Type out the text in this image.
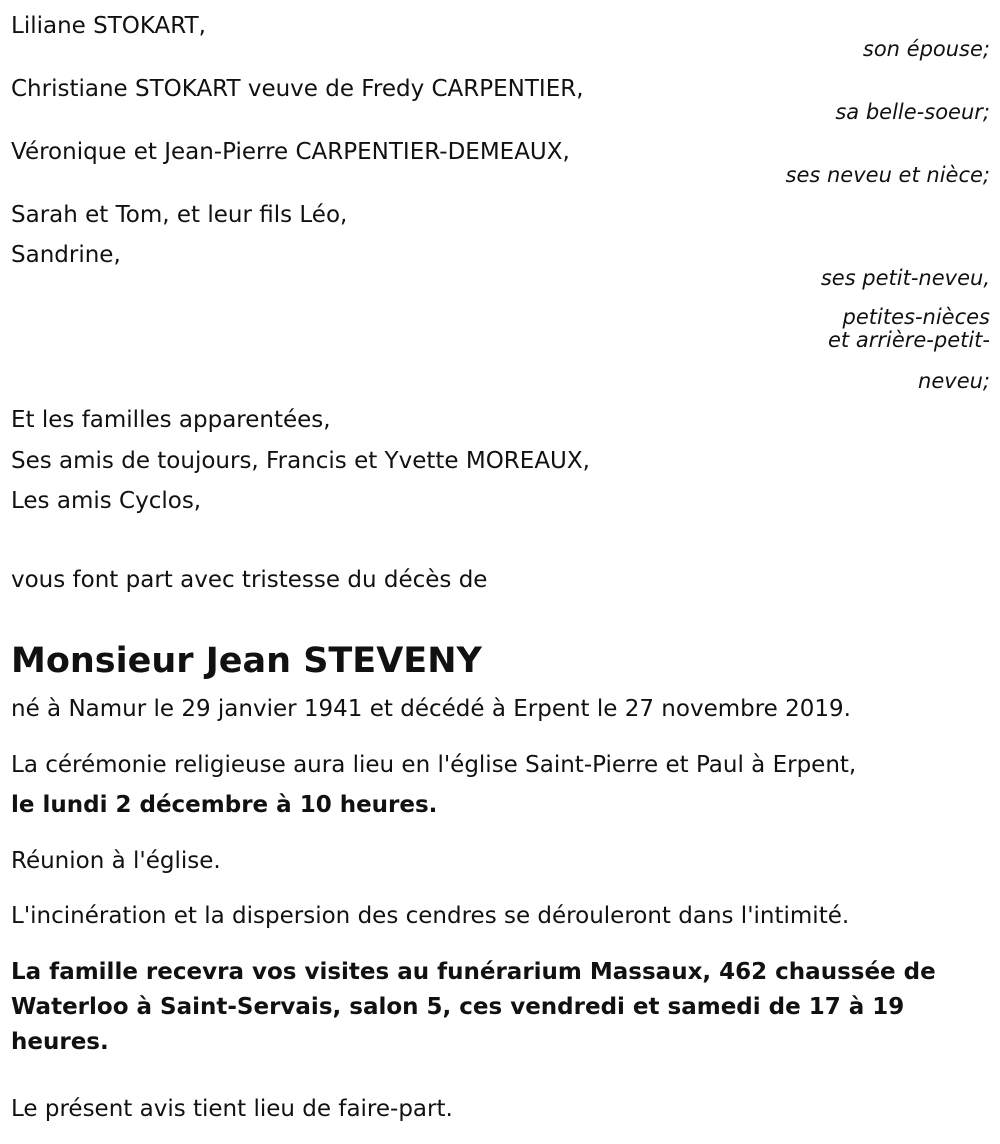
Liliane STOKART,
son épouse;
Christiane STOKART veuve de Fredy CARPENTIER,
sa belle-soeur;
Véronique et Jean-Pierre CARPENTIER-DEMEAUX,
ses neveu et nièce;
Sarah et Tom, et leur fils Léo,
Sandrine,
ses petit-neveu,
petites-nièces
et arrière-petit-
neveu;
Et les familles apparentées,
Ses amis de toujours, Francis et Yvette MOREAUX,
Les amis Cyclos,
vous font part avec tristesse du décès de
Monsieur Jean STEVENY
né à Namur le 29 janvier 1941 et décédé à Erpent le 27 novembre 2019.
La cérémonie religieuse aura lieu en l'église Saint-Pierre et Paul à Erpent,
le lundi 2 décembre à 10 heures.
Réunion à l'église.
L'incinération et la dispersion des cendres se dérouleront dans l'intimité.
La famille recevra vos visites au funérarium Massaux, 462 chaussée de Waterloo à Saint-Servais, salon 5, ces vendredi et samedi de 17 à 19 heures.
Le présent avis tient lieu de faire-part.
